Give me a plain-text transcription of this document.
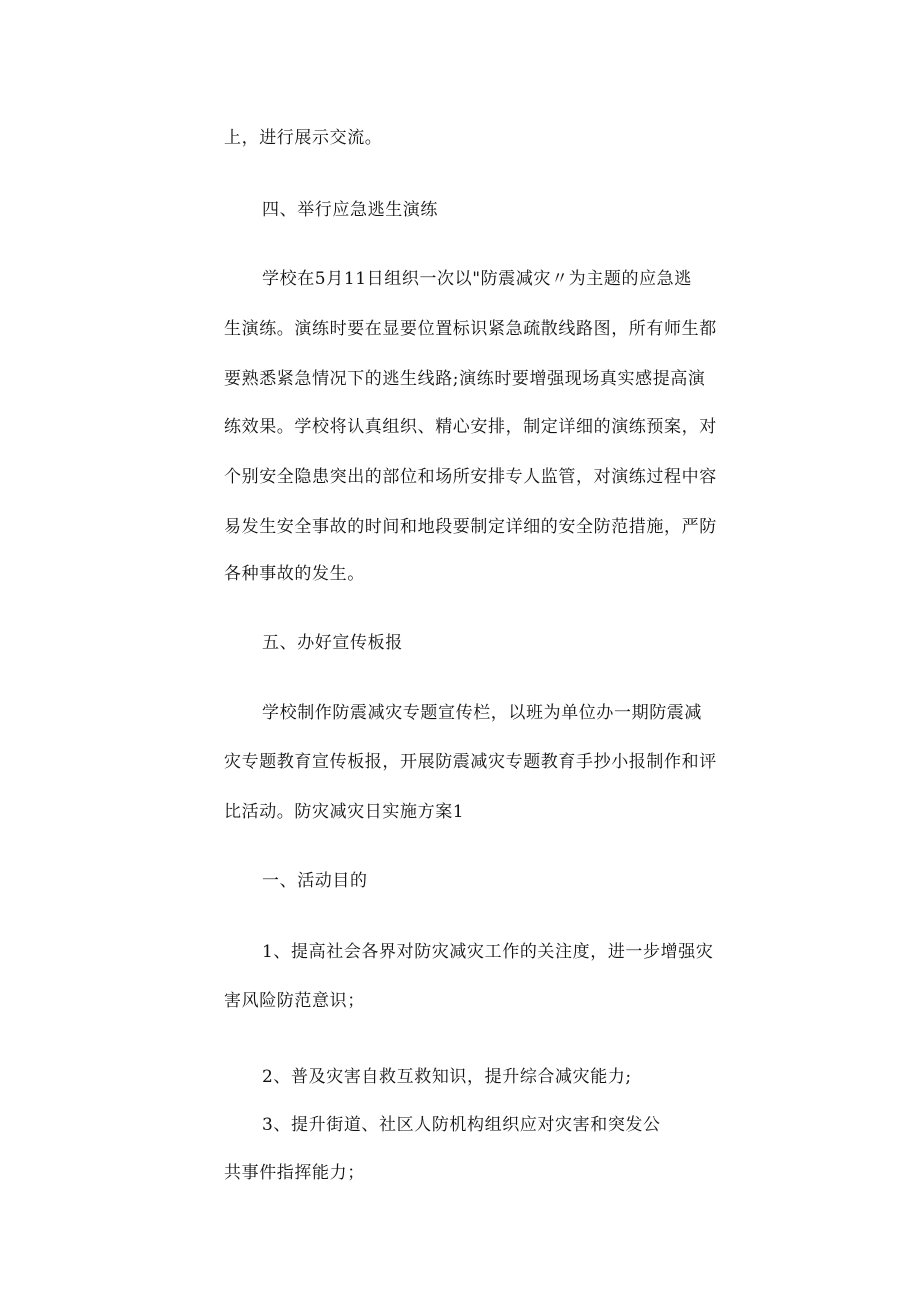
上，进行展示交流。
四、举行应急逃生演练
学校在5月11日组织一次以"防震减灾〃为主题的应急逃
生演练。演练时要在显要位置标识紧急疏散线路图，所有师生都
要熟悉紧急情况下的逃生线路;演练时要增强现场真实感提高演
练效果。学校将认真组织、精心安排，制定详细的演练预案，对
个别安全隐患突出的部位和场所安排专人监管，对演练过程中容
易发生安全事故的时间和地段要制定详细的安全防范措施，严防
各种事故的发生。
五、办好宣传板报
学校制作防震减灾专题宣传栏，以班为单位办一期防震减
灾专题教育宣传板报，开展防震减灾专题教育手抄小报制作和评
比活动。防灾减灾日实施方案1
一、活动目的
1、提高社会各界对防灾减灾工作的关注度，进一步增强灾
害风险防范意识；
2、普及灾害自救互救知识，提升综合减灾能力;
3、提升街道、社区人防机构组织应对灾害和突发公
共事件指挥能力；
